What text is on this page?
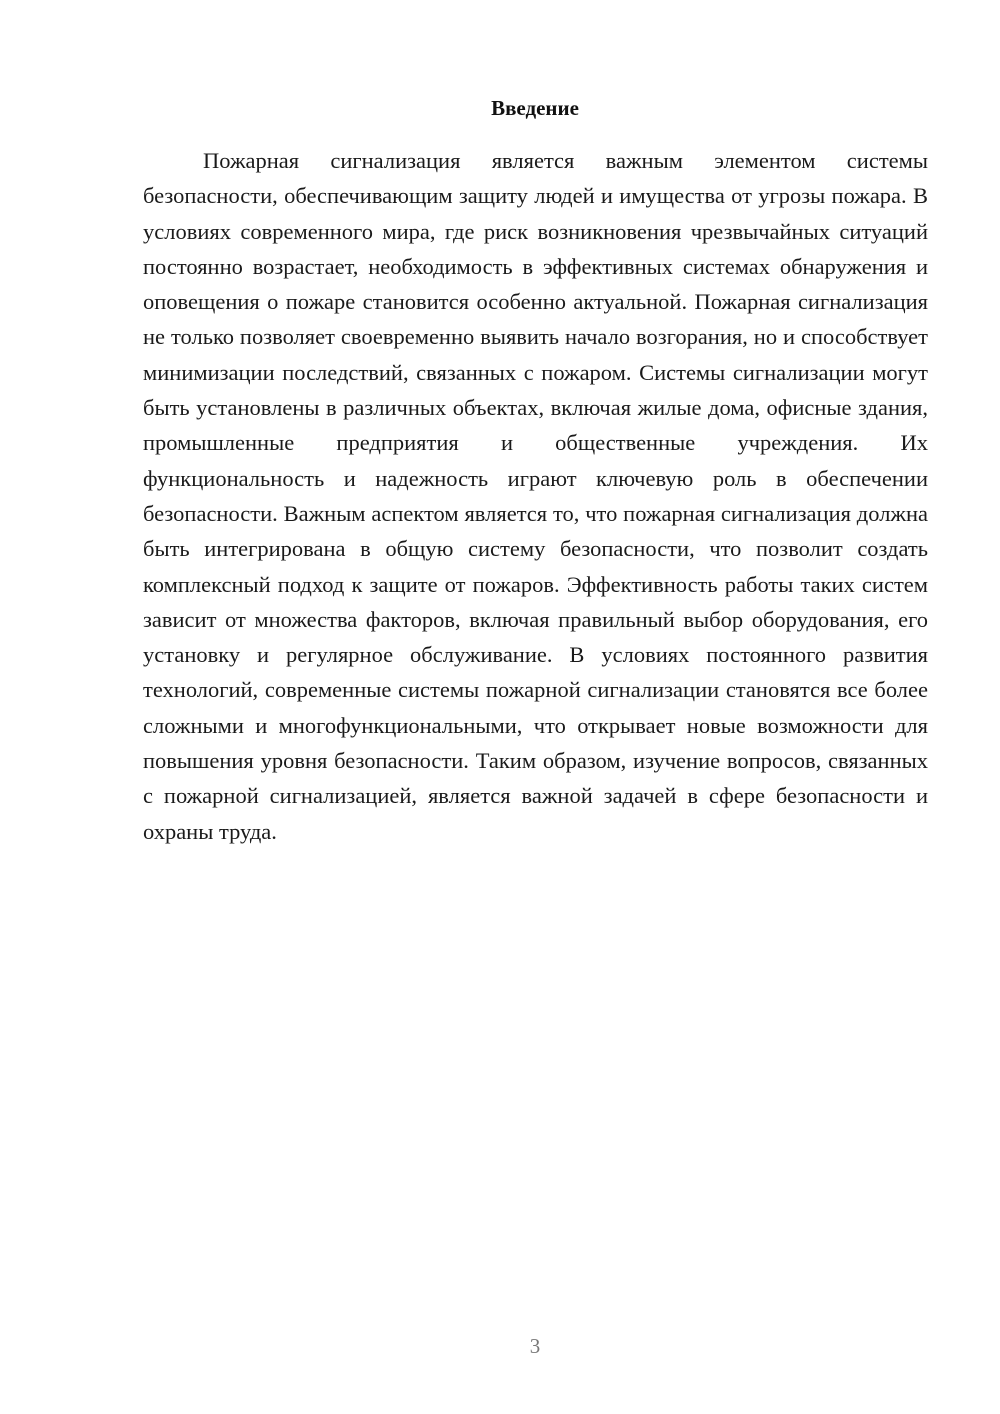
Введение

Пожарная сигнализация является важным элементом системы безопасности, обеспечивающим защиту людей и имущества от угрозы пожара. В условиях современного мира, где риск возникновения чрезвычайных ситуаций постоянно возрастает, необходимость в эффективных системах обнаружения и оповещения о пожаре становится особенно актуальной. Пожарная сигнализация не только позволяет своевременно выявить начало возгорания, но и способствует минимизации последствий, связанных с пожаром. Системы сигнализации могут быть установлены в различных объектах, включая жилые дома, офисные здания, промышленные предприятия и общественные учреждения. Их функциональность и надежность играют ключевую роль в обеспечении безопасности. Важным аспектом является то, что пожарная сигнализация должна быть интегрирована в общую систему безопасности, что позволит создать комплексный подход к защите от пожаров. Эффективность работы таких систем зависит от множества факторов, включая правильный выбор оборудования, его установку и регулярное обслуживание. В условиях постоянного развития технологий, современные системы пожарной сигнализации становятся все более сложными и многофункциональными, что открывает новые возможности для повышения уровня безопасности. Таким образом, изучение вопросов, связанных с пожарной сигнализацией, является важной задачей в сфере безопасности и охраны труда.

3
